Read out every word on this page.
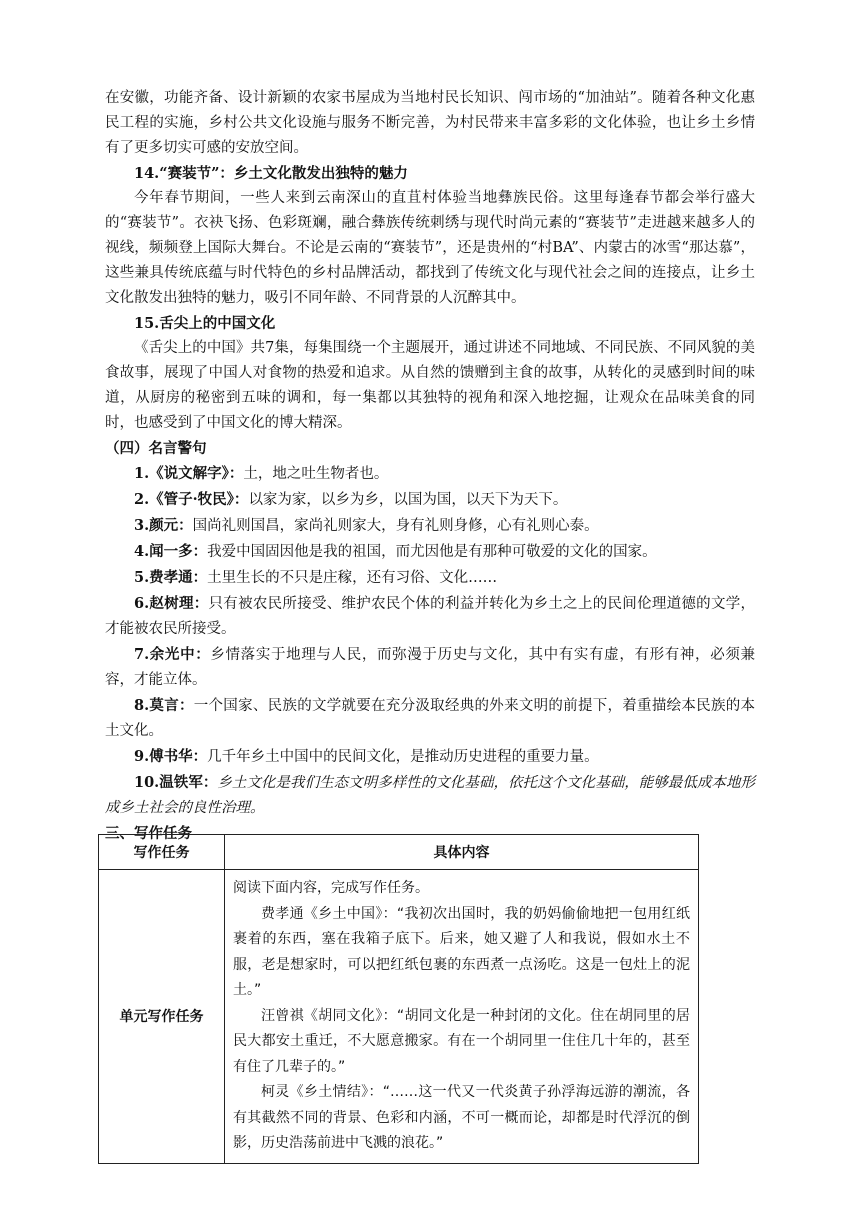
在安徽，功能齐备、设计新颖的农家书屋成为当地村民长知识、闯市场的“加油站”。随着各种文化惠民工程的实施，乡村公共文化设施与服务不断完善，为村民带来丰富多彩的文化体验，也让乡土乡情有了更多切实可感的安放空间。

14.“赛装节”：乡土文化散发出独特的魅力

今年春节期间，一些人来到云南深山的直苴村体验当地彝族民俗。这里每逢春节都会举行盛大的“赛装节”。衣袂飞扬、色彩斑斓，融合彝族传统刺绣与现代时尚元素的“赛装节”走进越来越多人的视线，频频登上国际大舞台。不论是云南的“赛装节”，还是贵州的“村BA”、内蒙古的冰雪“那达慕”，这些兼具传统底蕴与时代特色的乡村品牌活动，都找到了传统文化与现代社会之间的连接点，让乡土文化散发出独特的魅力，吸引不同年龄、不同背景的人沉醉其中。

15.舌尖上的中国文化

《舌尖上的中国》共7集，每集围绕一个主题展开，通过讲述不同地域、不同民族、不同风貌的美食故事，展现了中国人对食物的热爱和追求。从自然的馈赠到主食的故事，从转化的灵感到时间的味道，从厨房的秘密到五味的调和，每一集都以其独特的视角和深入地挖掘，让观众在品味美食的同时，也感受到了中国文化的博大精深。

（四）名言警句

1.《说文解字》：土，地之吐生物者也。

2.《管子·牧民》：以家为家，以乡为乡，以国为国，以天下为天下。

3.颜元：国尚礼则国昌，家尚礼则家大，身有礼则身修，心有礼则心泰。

4.闻一多：我爱中国固因他是我的祖国，而尤因他是有那种可敬爱的文化的国家。

5.费孝通：土里生长的不只是庄稼，还有习俗、文化……

6.赵树理：只有被农民所接受、维护农民个体的利益并转化为乡土之上的民间伦理道德的文学，才能被农民所接受。

7.余光中：乡情落实于地理与人民，而弥漫于历史与文化，其中有实有虚，有形有神，必须兼容，才能立体。

8.莫言：一个国家、民族的文学就要在充分汲取经典的外来文明的前提下，着重描绘本民族的本土文化。

9.傅书华：几千年乡土中国中的民间文化，是推动历史进程的重要力量。

10.温铁军：乡土文化是我们生态文明多样性的文化基础，依托这个文化基础，能够最低成本地形成乡土社会的良性治理。

三、写作任务
写作任务	具体内容
单元写作任务	阅读下面内容，完成写作任务。

费孝通《乡土中国》：“我初次出国时，我的奶妈偷偷地把一包用红纸裹着的东西，塞在我箱子底下。后来，她又避了人和我说，假如水土不服，老是想家时，可以把红纸包裹的东西煮一点汤吃。这是一包灶上的泥土。”

汪曾祺《胡同文化》：“胡同文化是一种封闭的文化。住在胡同里的居民大都安土重迁，不大愿意搬家。有在一个胡同里一住住几十年的，甚至有住了几辈子的。”

柯灵《乡土情结》：“……这一代又一代炎黄子孙浮海远游的潮流，各有其截然不同的背景、色彩和内涵，不可一概而论，却都是时代浮沉的倒影，历史浩荡前进中飞溅的浪花。”
